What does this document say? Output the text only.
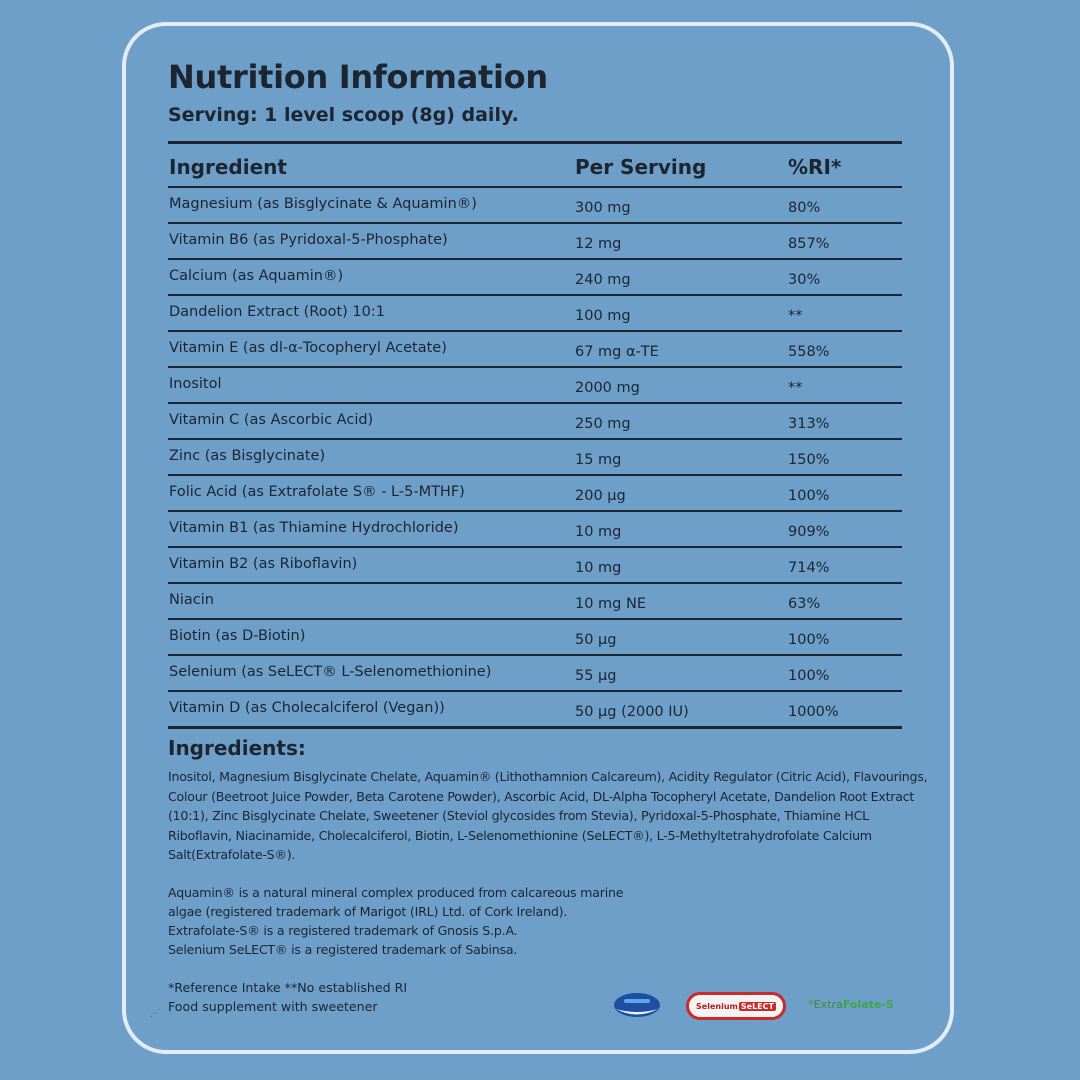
Nutrition Information
Serving: 1 level scoop (8g) daily.
Ingredient	Per Serving	%RI*
Magnesium (as Bisglycinate & Aquamin®)	300 mg	80%
Vitamin B6 (as Pyridoxal-5-Phosphate)	12 mg	857%
Calcium (as Aquamin®)	240 mg	30%
Dandelion Extract (Root) 10:1	100 mg	**
Vitamin E (as dl-α-Tocopheryl Acetate)	67 mg α-TE	558%
Inositol	2000 mg	**
Vitamin C (as Ascorbic Acid)	250 mg	313%
Zinc (as Bisglycinate)	15 mg	150%
Folic Acid (as Extrafolate S® - L-5-MTHF)	200 µg	100%
Vitamin B1 (as Thiamine Hydrochloride)	10 mg	909%
Vitamin B2 (as Riboflavin)	10 mg	714%
Niacin	10 mg NE	63%
Biotin (as D-Biotin)	50 µg	100%
Selenium (as SeLECT® L-Selenomethionine)	55 µg	100%
Vitamin D (as Cholecalciferol (Vegan))	50 µg (2000 IU)	1000%
Ingredients:
Inositol, Magnesium Bisglycinate Chelate, Aquamin® (Lithothamnion Calcareum), Acidity Regulator (Citric Acid), Flavourings, Colour (Beetroot Juice Powder, Beta Carotene Powder), Ascorbic Acid, DL-Alpha Tocopheryl Acetate, Dandelion Root Extract (10:1), Zinc Bisglycinate Chelate, Sweetener (Steviol glycosides from Stevia), Pyridoxal-5-Phosphate, Thiamine HCL Riboflavin, Niacinamide, Cholecalciferol, Biotin, L-Selenomethionine (SeLECT®), L-5-Methyltetrahydrofolate Calcium Salt(Extrafolate-S®).
Aquamin® is a natural mineral complex produced from calcareous marine
algae (registered trademark of Marigot (IRL) Ltd. of Cork Ireland).
Extrafolate-S® is a registered trademark of Gnosis S.p.A.
Selenium SeLECT® is a registered trademark of Sabinsa.
*Reference Intake **No established RI
Food supplement with sweetener
⋰
Selenium SeLECT	*ExtraFolate-S
